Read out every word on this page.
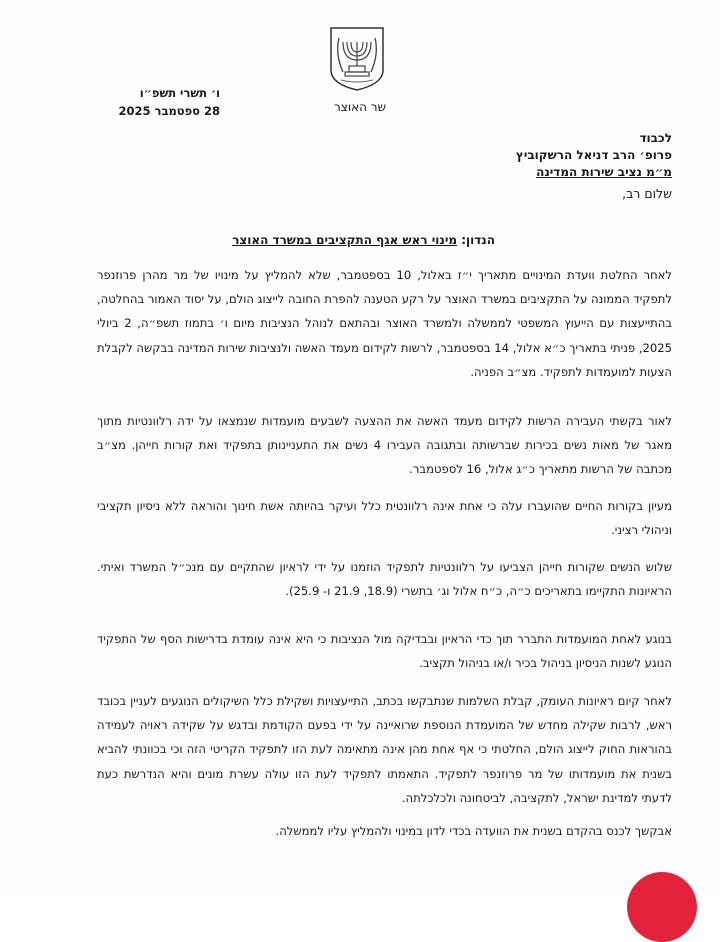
שר האוצר
ו׳ תשרי תשפ״ו
28 ספטמבר 2025
לכבוד
פרופ׳ הרב דניאל הרשקוביץ
מ״מ נציב שירות המדינה
שלום רב,
הנדון: מינוי ראש אגף התקציבים במשרד האוצר

לאחר החלטת וועדת המינויים מתאריך י״ז באלול, 10 בספטמבר, שלא להמליץ על מינויו של מר מהרן פרוזנפר לתפקיד הממונה על התקציבים במשרד האוצר על רקע הטענה להפרת החובה לייצוג הולם, על יסוד האמור בהחלטה, בהתייעצות עם הייעוץ המשפטי לממשלה ולמשרד האוצר ובהתאם לנוהל הנציבות מיום ו׳ בתמוז תשפ״ה, 2 ביולי 2025, פניתי בתאריך כ״א אלול, 14 בספטמבר, לרשות לקידום מעמד האשה ולנציבות שירות המדינה בבקשה לקבלת הצעות למועמדות לתפקיד. מצ״ב הפניה.

לאור בקשתי העבירה הרשות לקידום מעמד האשה את ההצעה לשבעים מועמדות שנמצאו על ידה רלוונטיות מתוך מאגר של מאות נשים בכירות שברשותה ובתגובה העבירו 4 נשים את התעניינותן בתפקיד ואת קורות חייהן. מצ״ב מכתבה של הרשות מתאריך כ״ג אלול, 16 לספטמבר.

מעיון בקורות החיים שהועברו עלה כי אחת אינה רלוונטית כלל ועיקר בהיותה אשת חינוך והוראה ללא ניסיון תקציבי וניהולי רציני.

שלוש הנשים שקורות חייהן הצביעו על רלוונטיות לתפקיד הוזמנו על ידי לראיון שהתקיים עם מנכ״ל המשרד ואיתי. הראיונות התקיימו בתאריכים כ״ה, כ״ח אלול וג׳ בתשרי (18.9, 21.9 ו- 25.9).

בנוגע לאחת המועמדות התברר תוך כדי הראיון ובבדיקה מול הנציבות כי היא אינה עומדת בדרישות הסף של התפקיד הנוגע לשנות הניסיון בניהול בכיר ו/או בניהול תקציב.

לאחר קיום ראיונות העומק, קבלת השלמות שנתבקשו בכתב, התייעצויות ושקילת כלל השיקולים הנוגעים לעניין בכובד ראש, לרבות שקילה מחדש של המועמדת הנוספת שרואיינה על ידי בפעם הקודמת ובדגש על שקידה ראויה לעמידה בהוראות החוק לייצוג הולם, החלטתי כי אף אחת מהן אינה מתאימה לעת הזו לתפקיד הקריטי הזה וכי בכוונתי להביא בשנית את מועמדותו של מר פרוזנפר לתפקיד. התאמתו לתפקיד לעת הזו עולה עשרת מונים והיא הנדרשת כעת לדעתי למדינת ישראל, לתקציבה, לביטחונה ולכלכלתה.

אבקשך לכנס בהקדם בשנית את הוועדה בכדי לדון במינוי ולהמליץ עליו לממשלה.
